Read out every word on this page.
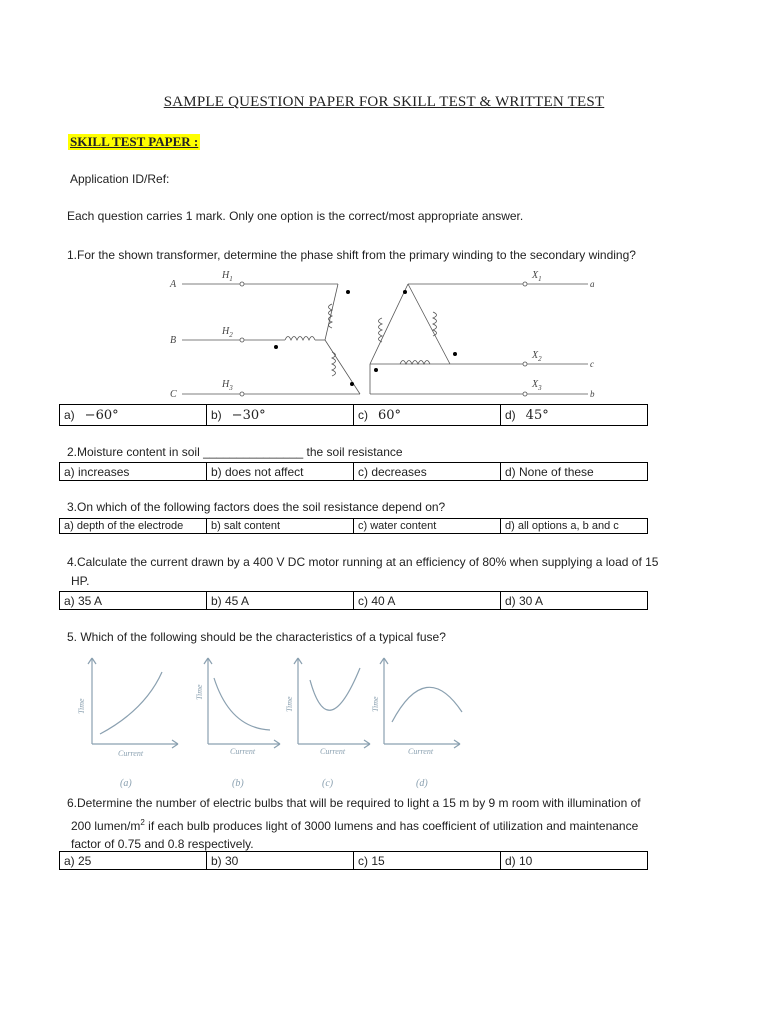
SAMPLE QUESTION PAPER FOR SKILL TEST & WRITTEN TEST
SKILL TEST PAPER :
Application ID/Ref:
Each question carries 1 mark. Only one option is the correct/most appropriate answer.
1.For the shown transformer, determine the phase shift from the primary winding to the secondary winding?
A
B
C
$H_1$
$H_2$
$H_3$
$X_1$
$X_2$
$X_3$
a
c
b
a) −60°	b) −30°	c) 60°	d) 45°
2.Moisture content in soil _______________ the soil resistance
a) increases	b) does not affect	c) decreases	d) None of these
3.On which of the following factors does the soil resistance depend on?
a) depth of the electrode	b) salt content	c) water content	d) all options a, b and c
4.Calculate the current drawn by a 400 V DC motor running at an efficiency of 80% when supplying a load of 15
HP.
a) 35 A	b) 45 A	c) 40 A	d) 30 A
5. Which of the following should be the characteristics of a typical fuse?
Current	Current	Current	Current
Time
Time
Time	Time
(a)	(b)	(c)	(d)
6.Determine the number of electric bulbs that will be required to light a 15 m by 9 m room with illumination of
200 lumen/$m^2$ if each bulb produces light of 3000 lumens and has coefficient of utilization and maintenance
factor of 0.75 and 0.8 respectively.
a) 25	b) 30	c) 15	d) 10
